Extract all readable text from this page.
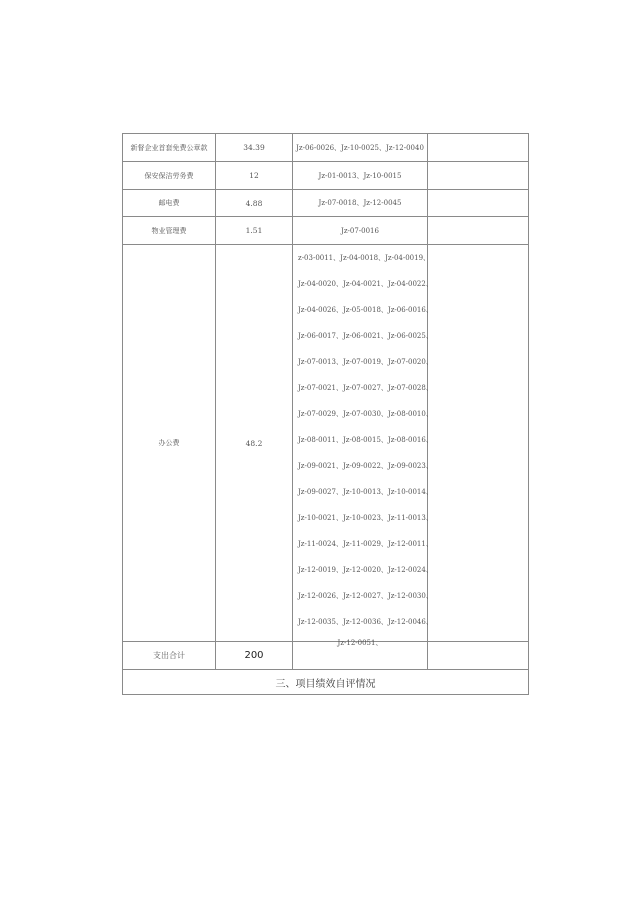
新督企业首套免费公章款	34.39	Jz-06-0026、Jz-10-0025、Jz-12-0040
保安保洁劳务费	12	Jz-01-0013、Jz-10-0015
邮电费	4.88	Jz-07-0018、Jz-12-0045
物业管理费	1.51	Jz-07-0016
办公费	48.2
z-03-0011、Jz-04-0018、Jz-04-0019、
Jz-04-0020、Jz-04-0021、Jz-04-0022、
Jz-04-0026、Jz-05-0018、Jz-06-0016、
Jz-06-0017、Jz-06-0021、Jz-06-0025、
Jz-07-0013、Jz-07-0019、Jz-07-0020、
Jz-07-0021、Jz-07-0027、Jz-07-0028、
Jz-07-0029、Jz-07-0030、Jz-08-0010、
Jz-08-0011、Jz-08-0015、Jz-08-0016、
Jz-09-0021、Jz-09-0022、Jz-09-0023、
Jz-09-0027、Jz-10-0013、Jz-10-0014、
Jz-10-0021、Jz-10-0023、Jz-11-0013、
Jz-11-0024、Jz-11-0029、Jz-12-0011、
Jz-12-0019、Jz-12-0020、Jz-12-0024、
Jz-12-0026、Jz-12-0027、Jz-12-0030、
Jz-12-0035、Jz-12-0036、Jz-12-0046、
Jz-12-0051、
支出合计	200
三、项目绩效自评情况
